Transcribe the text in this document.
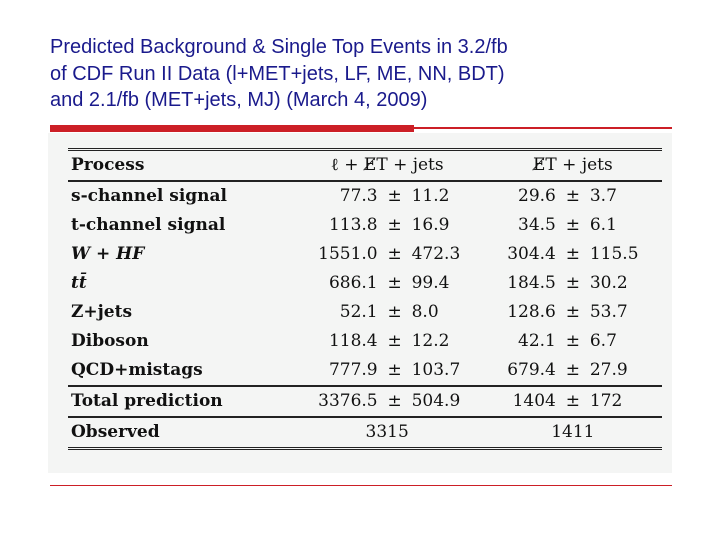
Predicted Background & Single Top Events in 3.2/fb
of CDF Run II Data (l+MET+jets, LF, ME, NN, BDT)
and 2.1/fb (MET+jets, MJ) (March 4, 2009)
Process	ℓ + E̸T + jets			E̸T + jets		
s-channel signal	77.3	±	11.2	29.6	±	3.7
t-channel signal	113.8	±	16.9	34.5	±	6.1
W + HF	1551.0	±	472.3	304.4	±	115.5
tt̄	686.1	±	99.4	184.5	±	30.2
Z+jets	52.1	±	8.0	128.6	±	53.7
Diboson	118.4	±	12.2	42.1	±	6.7
QCD+mistags	777.9	±	103.7	679.4	±	27.9
Total prediction	3376.5	±	504.9	1404	±	172
Observed	3315			1411		
